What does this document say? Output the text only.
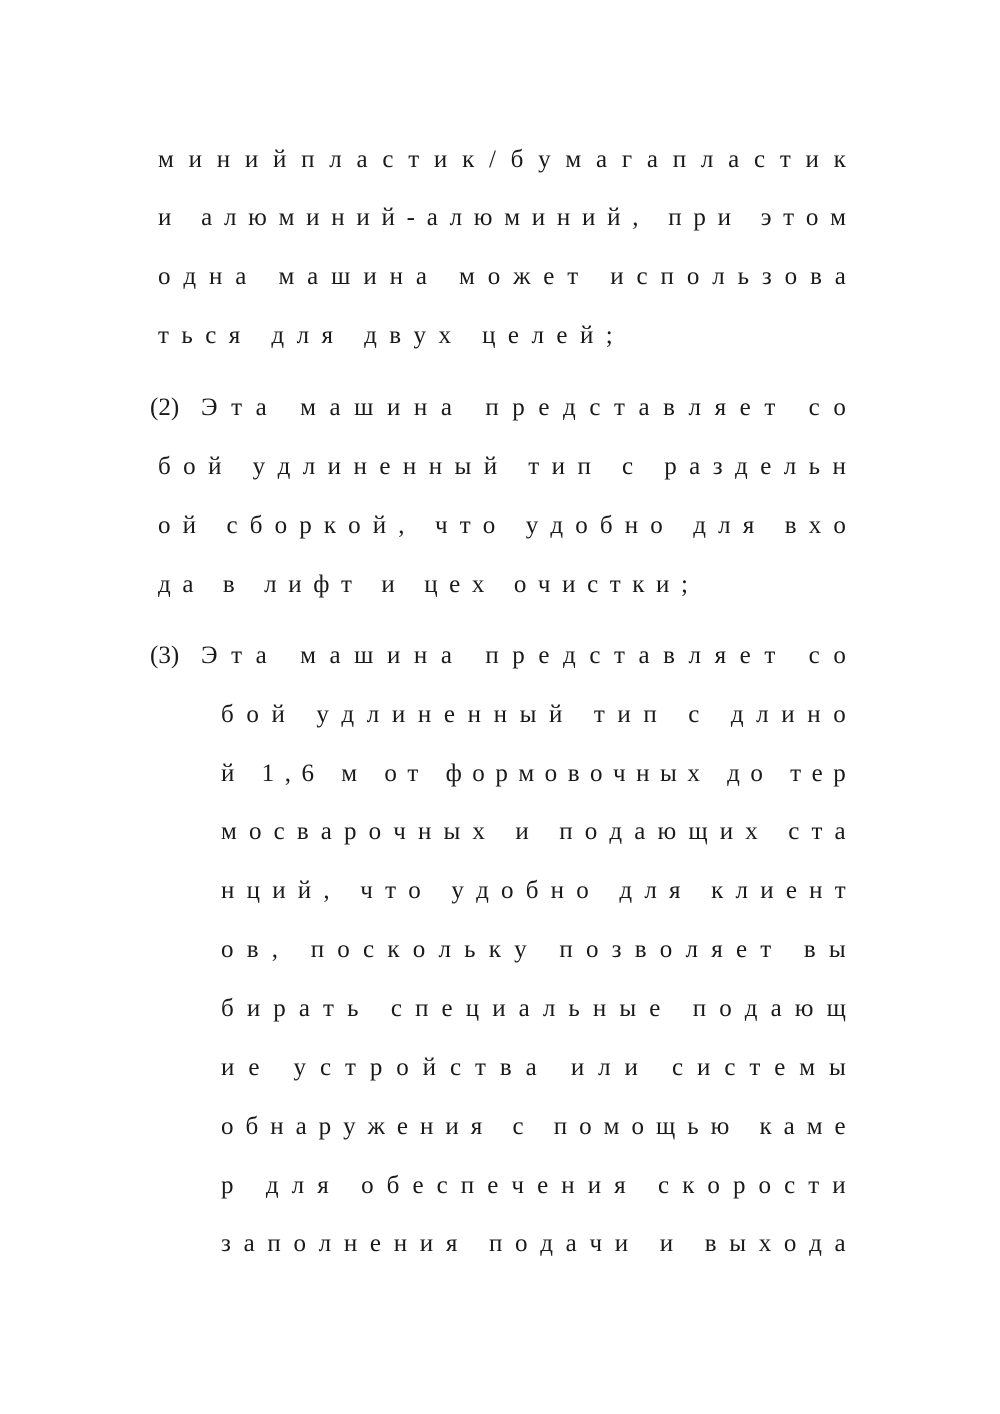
м и н и й п л а с т и к / б у м а г а п л а с т и к
и а л ю м и н и й - а л ю м и н и й , п р и э т о м
о д н а м а ш и н а м о ж е т и с п о л ь з о в а
т ь с я д л я д в у х ц е л е й ;
(2) Э т а м а ш и н а п р е д с т а в л я е т с о
б о й у д л и н е н н ы й т и п с р а з д е л ь н
о й с б о р к о й , ч т о у д о б н о д л я в х о
д а в л и ф т и ц е х о ч и с т к и ;
(3) Э т а м а ш и н а п р е д с т а в л я е т с о
б о й у д л и н е н н ы й т и п с д л и н о
й 1 , 6 м о т ф о р м о в о ч н ы х д о т е р
м о с в а р о ч н ы х и п о д а ю щ и х с т а
н ц и й , ч т о у д о б н о д л я к л и е н т
о в , п о с к о л ь к у п о з в о л я е т в ы
б и р а т ь с п е ц и а л ь н ы е п о д а ю щ
и е у с т р о й с т в а и л и с и с т е м ы
о б н а р у ж е н и я с п о м о щ ь ю к а м е
р д л я о б е с п е ч е н и я с к о р о с т и
з а п о л н е н и я п о д а ч и и в ы х о д а
